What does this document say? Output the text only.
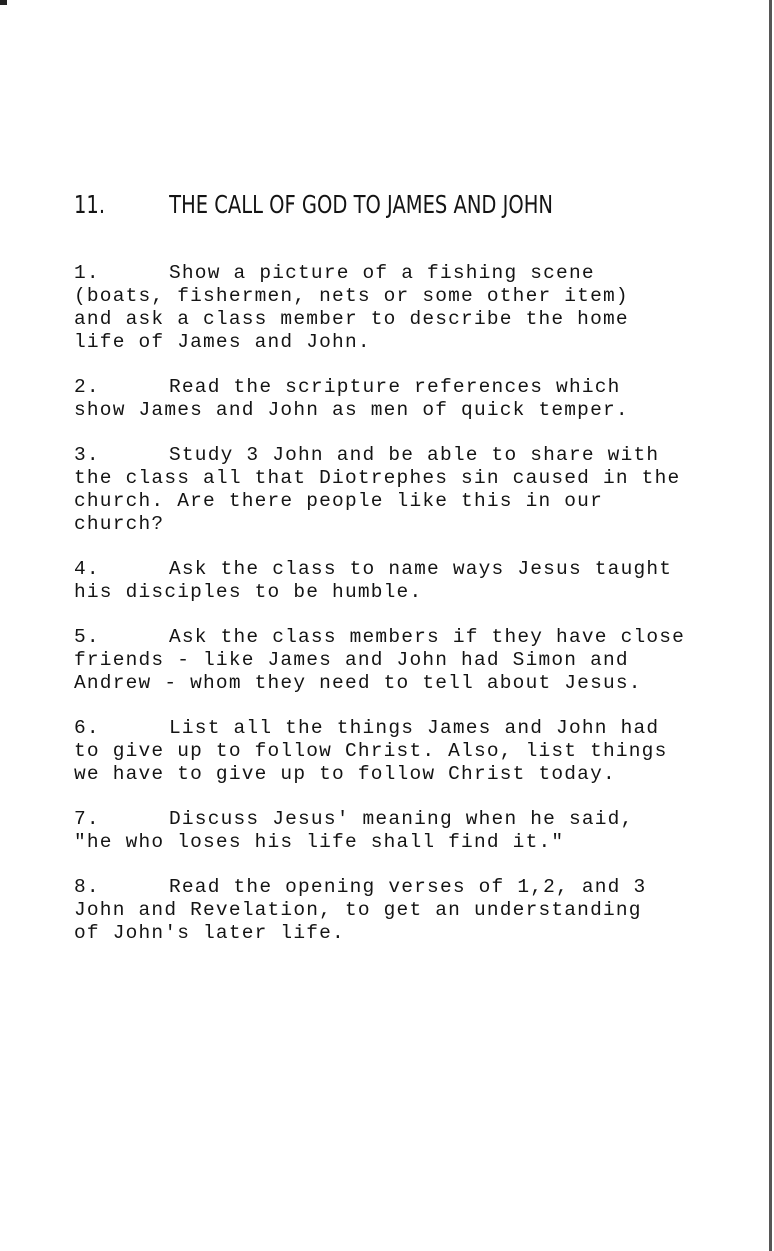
11.	THE CALL OF GOD TO JAMES AND JOHN

1.	Show a picture of a fishing scene
(boats, fishermen, nets or some other item)
and ask a class member to describe the home
life of James and John.

2.	Read the scripture references which
show James and John as men of quick temper.

3.	Study 3 John and be able to share with
the class all that Diotrephes sin caused in the
church. Are there people like this in our
church?

4.	Ask the class to name ways Jesus taught
his disciples to be humble.

5.	Ask the class members if they have close
friends - like James and John had Simon and
Andrew - whom they need to tell about Jesus.

6.	List all the things James and John had
to give up to follow Christ. Also, list things
we have to give up to follow Christ today.

7.	Discuss Jesus' meaning when he said,
"he who loses his life shall find it."

8.	Read the opening verses of 1,2, and 3
John and Revelation, to get an understanding
of John's later life.
